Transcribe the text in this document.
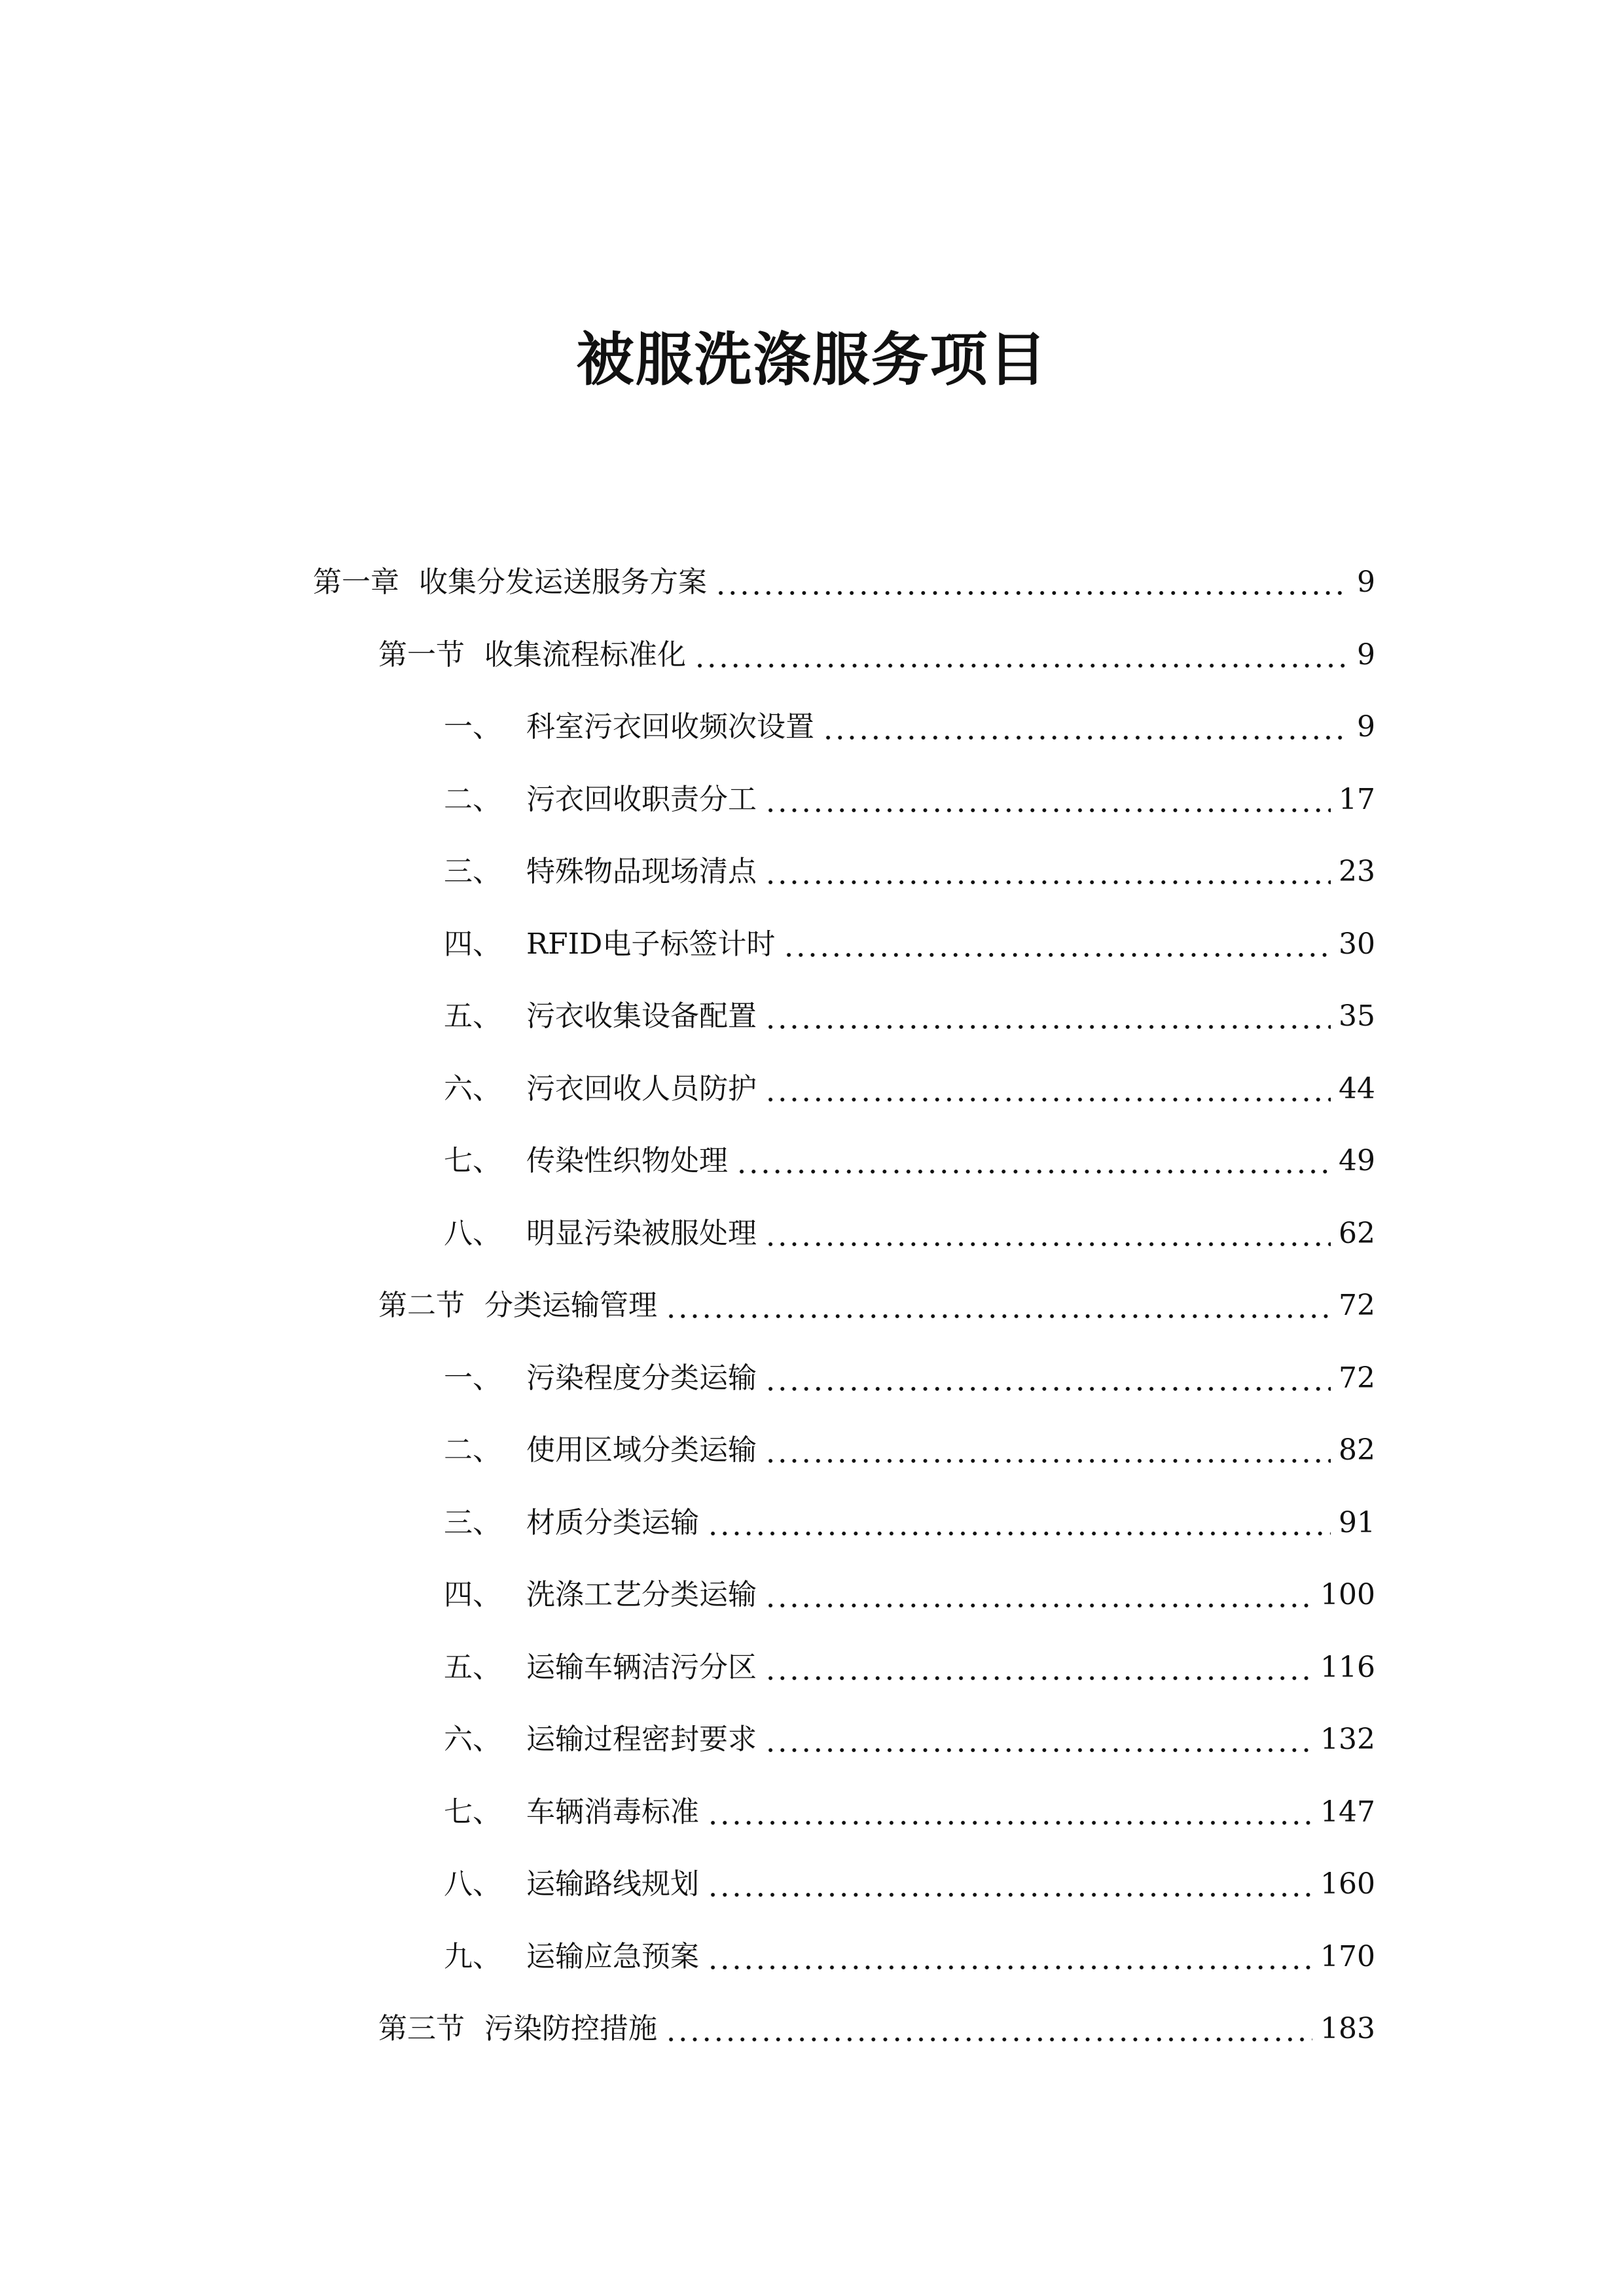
被服洗涤服务项目
第一章 收集分发运送服务方案	9
第一节 收集流程标准化	9
一、 科室污衣回收频次设置	9
二、 污衣回收职责分工	17
三、 特殊物品现场清点	23
四、 RFID电子标签计时	30
五、 污衣收集设备配置	35
六、 污衣回收人员防护	44
七、 传染性织物处理	49
八、 明显污染被服处理	62
第二节 分类运输管理	72
一、 污染程度分类运输	72
二、 使用区域分类运输	82
三、 材质分类运输	91
四、 洗涤工艺分类运输	100
五、 运输车辆洁污分区	116
六、 运输过程密封要求	132
七、 车辆消毒标准	147
八、 运输路线规划	160
九、 运输应急预案	170
第三节 污染防控措施	183
